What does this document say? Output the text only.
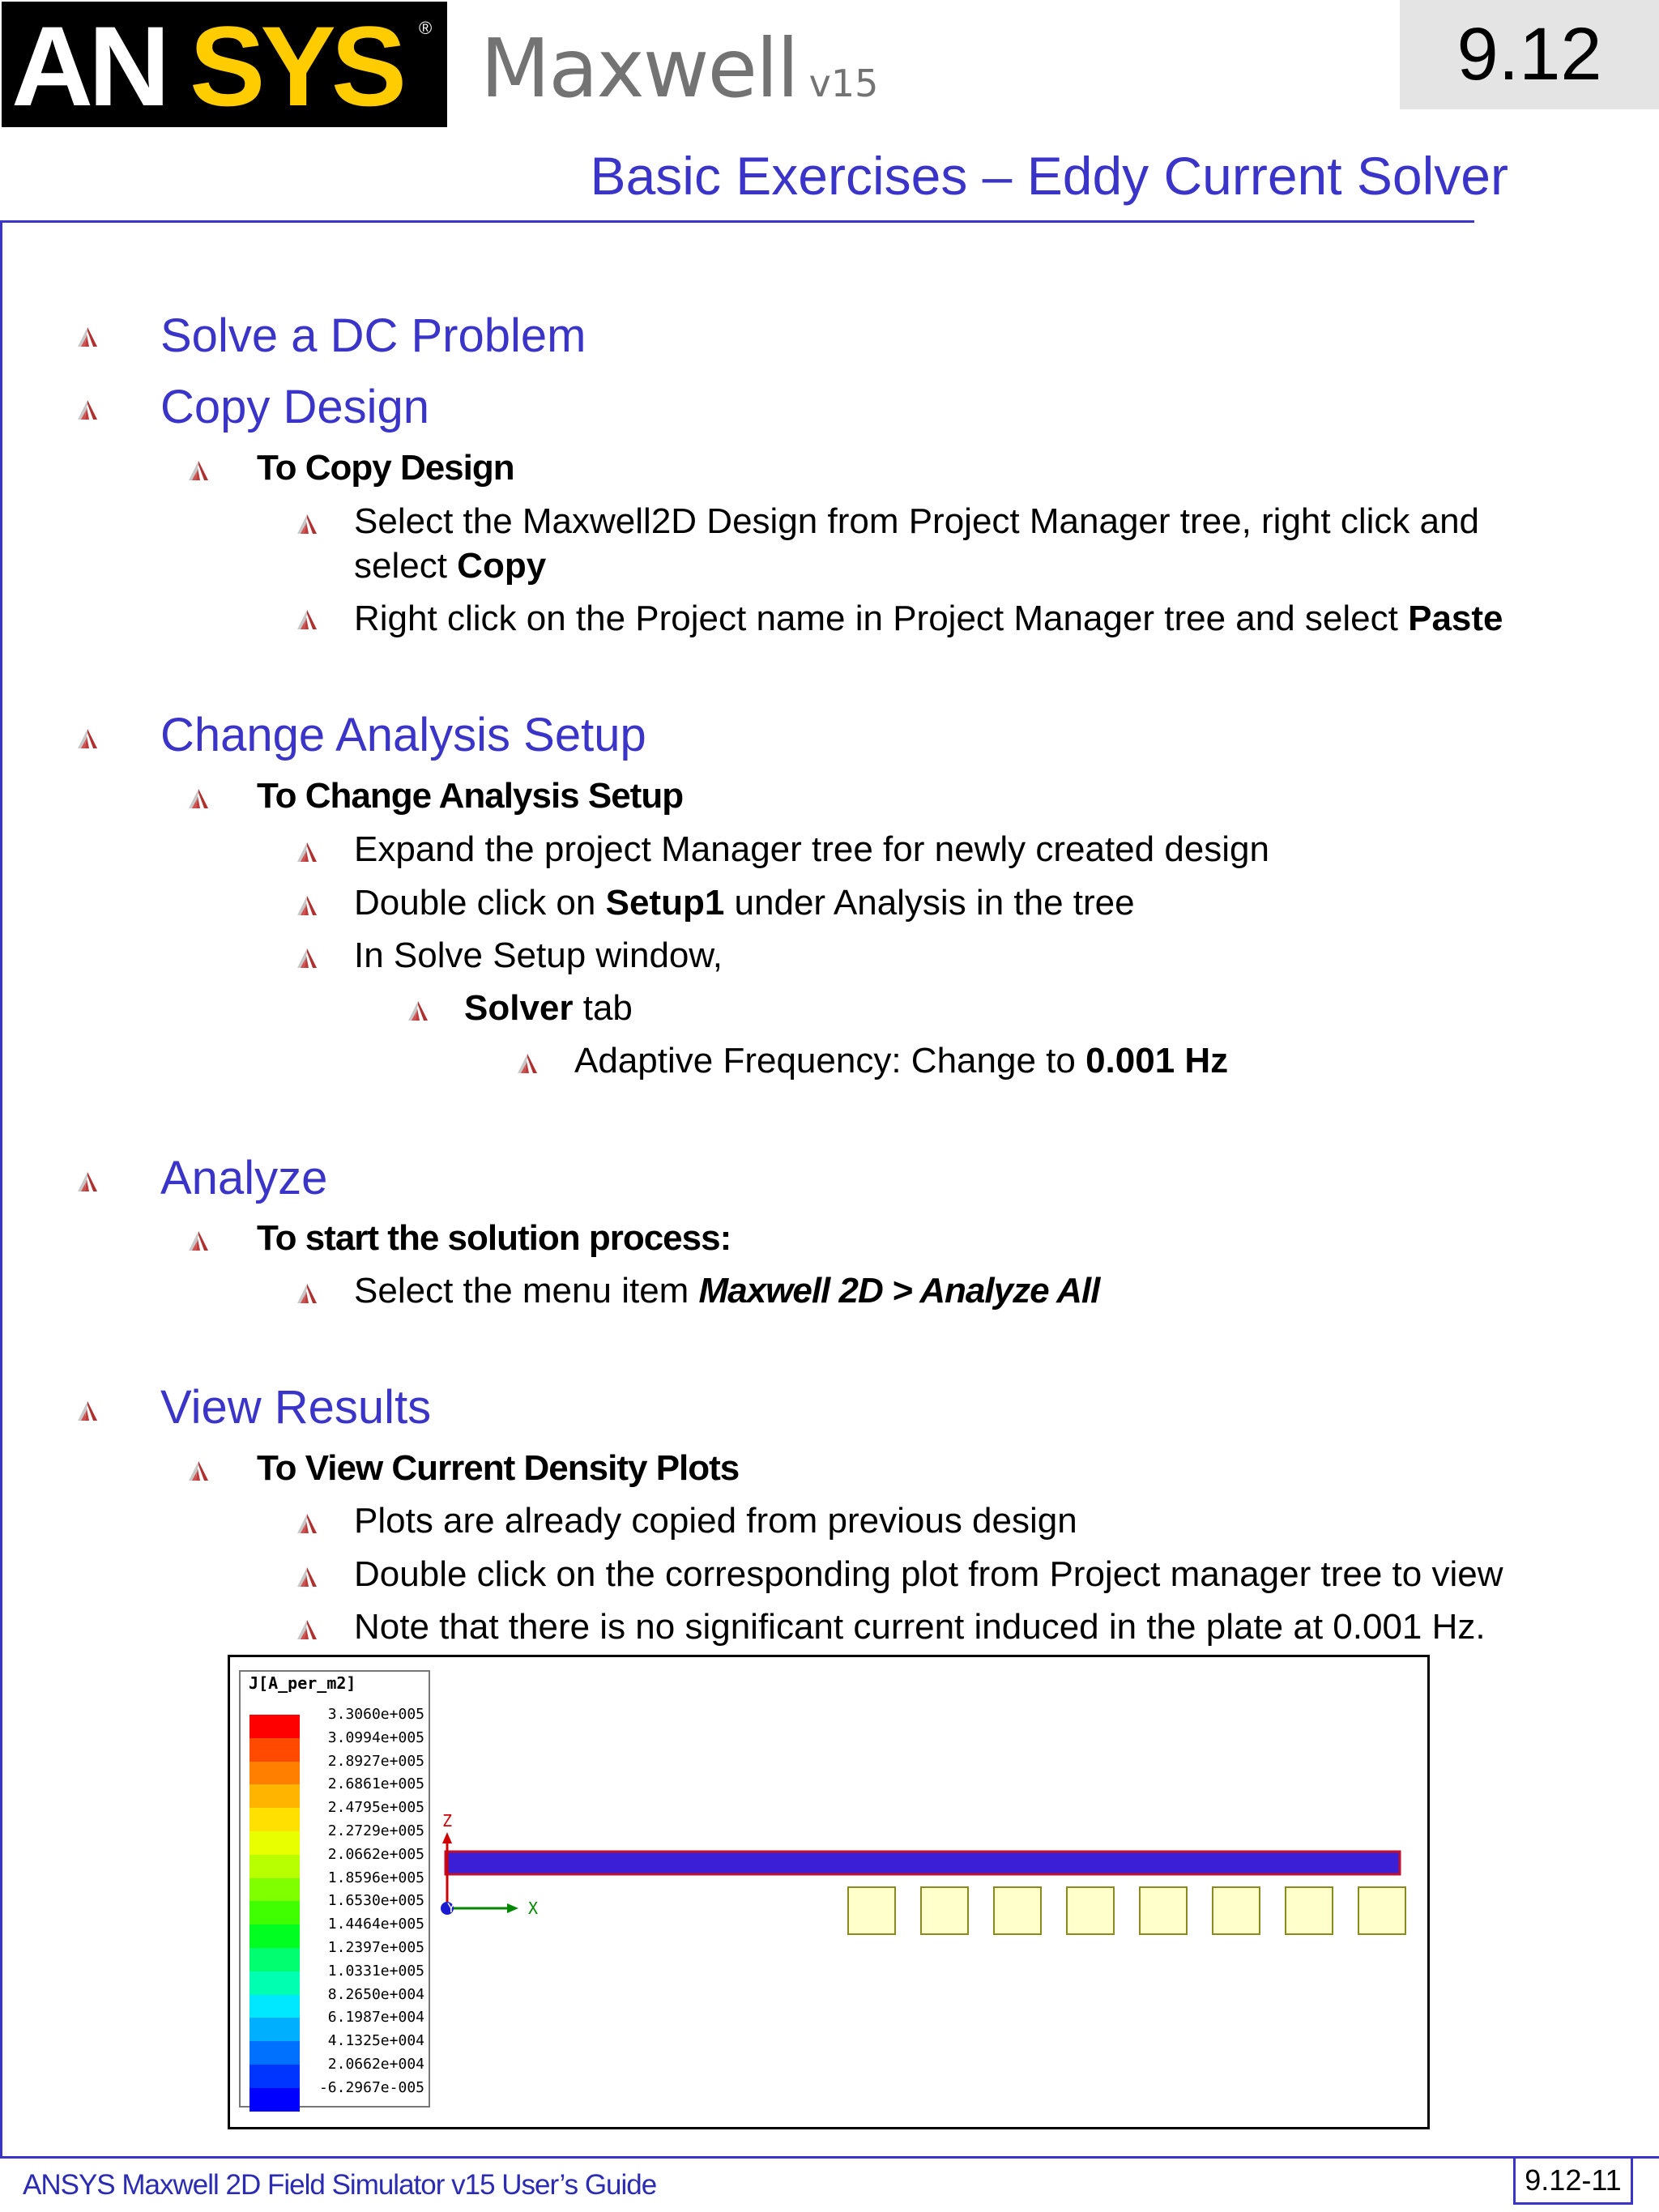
AN SYS ® Maxwell v15	9.12
Basic Exercises – Eddy Current Solver
Solve a DC Problem
Copy Design
To Copy Design
Select the Maxwell2D Design from Project Manager tree, right click and
select Copy
Right click on the Project name in Project Manager tree and select Paste
Change Analysis Setup
To Change Analysis Setup
Expand the project Manager tree for newly created design
Double click on Setup1 under Analysis in the tree
In Solve Setup window,
Solver tab
Adaptive Frequency: Change to 0.001 Hz
Analyze
To start the solution process:
Select the menu item Maxwell 2D > Analyze All
View Results
To View Current Density Plots
Plots are already copied from previous design
Double click on the corresponding plot from Project manager tree to view
Note that there is no significant current induced in the plate at 0.001 Hz.
J[A_per_m2]
3.3060e+005
3.0994e+005
2.8927e+005
2.6861e+005
2.4795e+005
2.2729e+005
2.0662e+005
1.8596e+005
1.6530e+005
1.4464e+005
1.2397e+005
1.0331e+005
8.2650e+004
6.1987e+004
4.1325e+004
2.0662e+004
-6.2967e-005
Z
X
Y
ANSYS Maxwell 2D Field Simulator v15 User’s Guide	9.12-11
